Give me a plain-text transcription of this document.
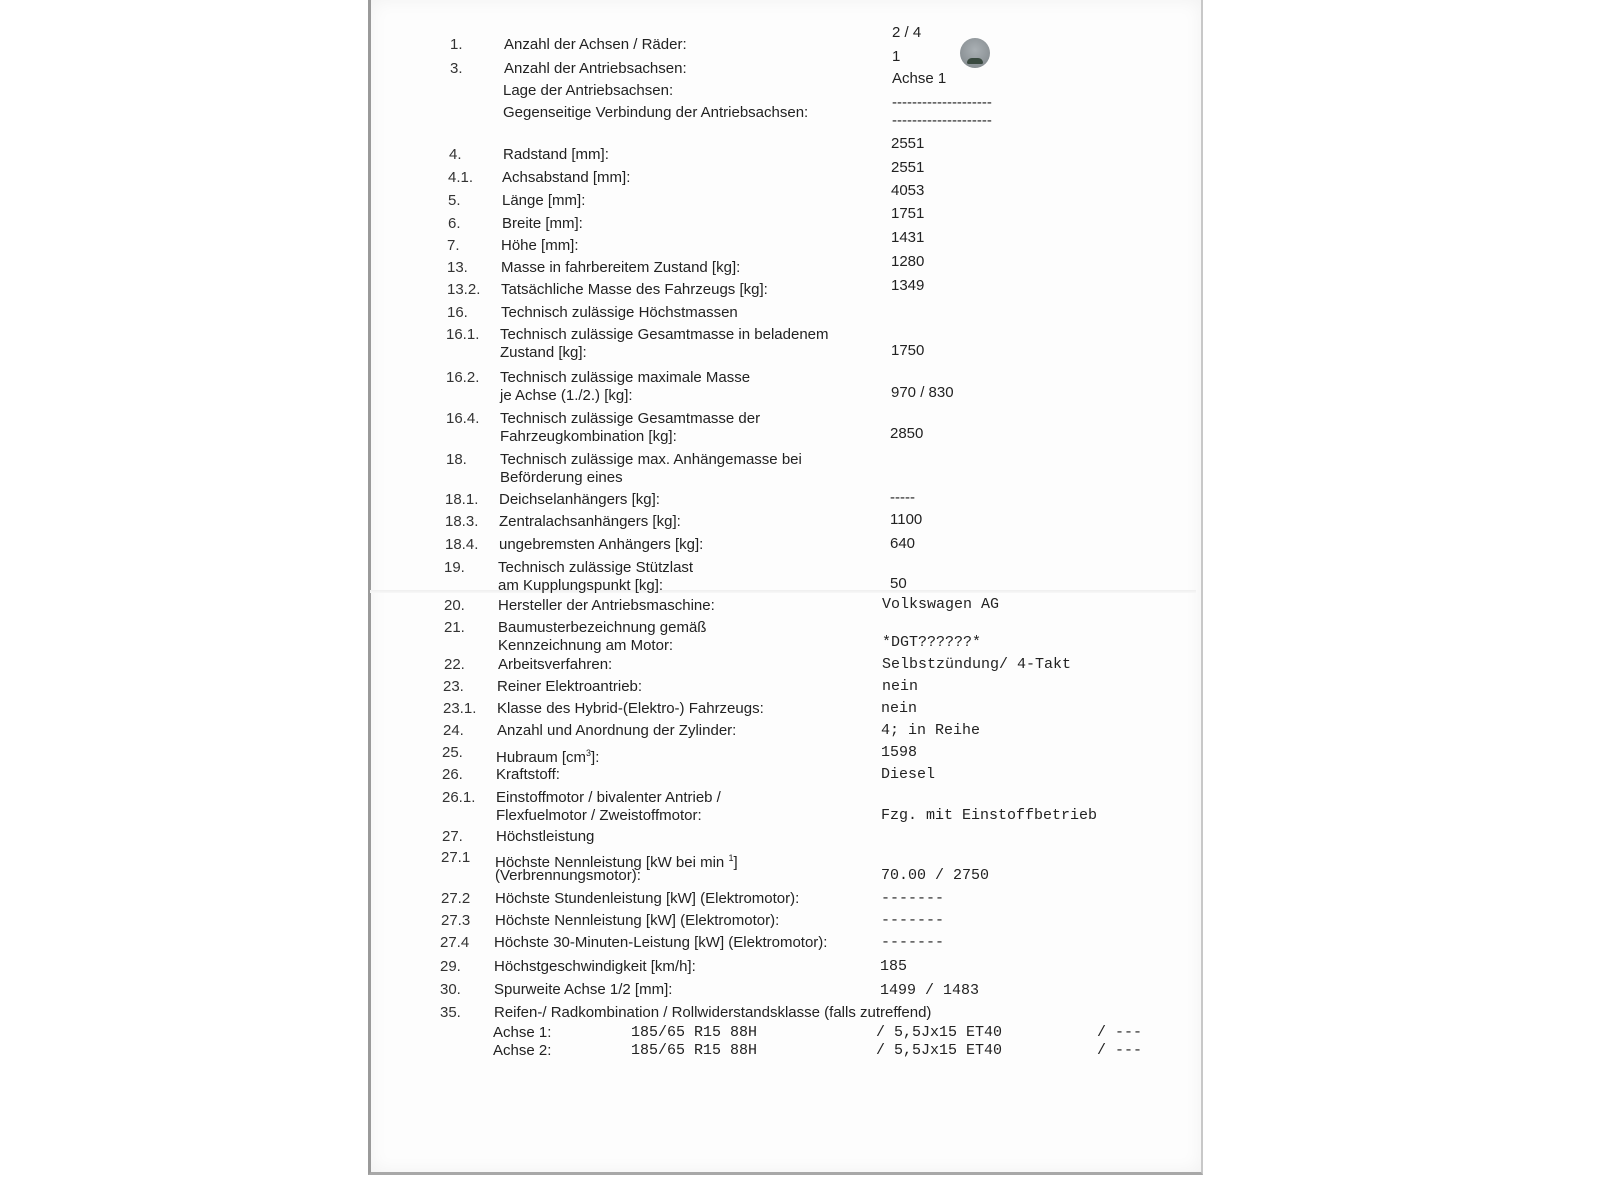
1.	Anzahl der Achsen / Räder:
2 / 4
3.	Anzahl der Antriebsachsen:
1
Lage der Antriebsachsen:
Achse 1
Gegenseitige Verbindung der Antriebsachsen:
--------------------
--------------------
4.	Radstand [mm]:
2551
4.1. Achsabstand [mm]:
2551
5.	Länge [mm]:
4053
6.	Breite [mm]:
1751
7.	Höhe [mm]:	1431
13. Masse in fahrbereitem Zustand [kg]:	1280
13.2. Tatsächliche Masse des Fahrzeugs [kg]:	1349
16. Technisch zulässige Höchstmassen
16.1. Technisch zulässige Gesamtmasse in beladenem
Zustand [kg]:	1750
16.2. Technisch zulässige maximale Masse
je Achse (1./2.) [kg]:	970 / 830
16.4. Technisch zulässige Gesamtmasse der
Fahrzeugkombination [kg]:	2850
18. Technisch zulässige max. Anhängemasse bei
Beförderung eines
18.1. Deichselanhängers [kg]:	-----
18.3. Zentralachsanhängers [kg]:	1100
18.4. ungebremsten Anhängers [kg]:	640
19. Technisch zulässige Stützlast
am Kupplungspunkt [kg]:	50
20. Hersteller der Antriebsmaschine:	Volkswagen AG
21. Baumusterbezeichnung gemäß
Kennzeichnung am Motor:	*DGT??????*
22. Arbeitsverfahren:	Selbstzündung/ 4-Takt
23. Reiner Elektroantrieb:	nein
23.1. Klasse des Hybrid-(Elektro-) Fahrzeugs:	nein
24. Anzahl und Anordnung der Zylinder:	4; in Reihe
25. Hubraum $[cm^3]$:	1598
26. Kraftstoff:	Diesel
26.1. Einstoffmotor / bivalenter Antrieb /
Flexfuelmotor / Zweistoffmotor:	Fzg. mit Einstoffbetrieb
27. Höchstleistung
27.1 Höchste Nennleistung [kW bei min $^1$]
(Verbrennungsmotor):	70.00 / 2750
27.2 Höchste Stundenleistung [kW] (Elektromotor):	-------
27.3 Höchste Nennleistung [kW] (Elektromotor):	-------
27.4 Höchste 30-Minuten-Leistung [kW] (Elektromotor):	-------
29. Höchstgeschwindigkeit [km/h]:	185
30. Spurweite Achse 1/2 [mm]:	1499 / 1483
35. Reifen-/ Radkombination / Rollwiderstandsklasse (falls zutreffend)
Achse 1:	185/65 R15 88H	/ 5,5Jx15 ET40	/ ---
Achse 2:	185/65 R15 88H	/ 5,5Jx15 ET40	/ ---
